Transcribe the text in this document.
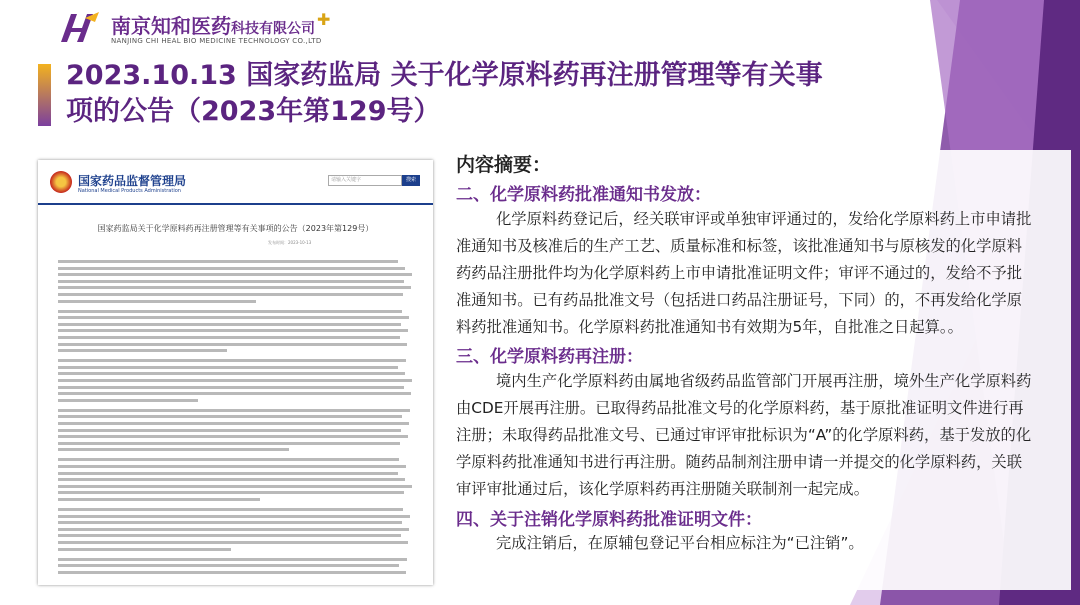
南京知和医药科技有限公司 ✚
NANJING CHI HEAL BIO MEDICINE TECHNOLOGY CO.,LTD
2023.10.13 国家药监局 关于化学原料药再注册管理等有关事项的公告（2023年第129号）
国家药品监督管理局
National Medical Products Administration
请输入关键字	搜索
国家药监局关于化学原料药再注册管理等有关事项的公告（2023年第129号）
发布时间：2023-10-13
内容摘要：
二、化学原料药批准通知书发放：
化学原料药登记后，经关联审评或单独审评通过的，发给化学原料药上市申请批准通知书及核准后的生产工艺、质量标准和标签，该批准通知书与原核发的化学原料药药品注册批件均为化学原料药上市申请批准证明文件；审评不通过的，发给不予批准通知书。已有药品批准文号（包括进口药品注册证号，下同）的，不再发给化学原料药批准通知书。化学原料药批准通知书有效期为5年，自批准之日起算。。
三、化学原料药再注册：
境内生产化学原料药由属地省级药品监管部门开展再注册，境外生产化学原料药由CDE开展再注册。已取得药品批准文号的化学原料药，基于原批准证明文件进行再注册；未取得药品批准文号、已通过审评审批标识为“A”的化学原料药，基于发放的化学原料药批准通知书进行再注册。随药品制剂注册申请一并提交的化学原料药，关联审评审批通过后，该化学原料药再注册随关联制剂一起完成。
四、关于注销化学原料药批准证明文件：
完成注销后，在原辅包登记平台相应标注为“已注销”。
